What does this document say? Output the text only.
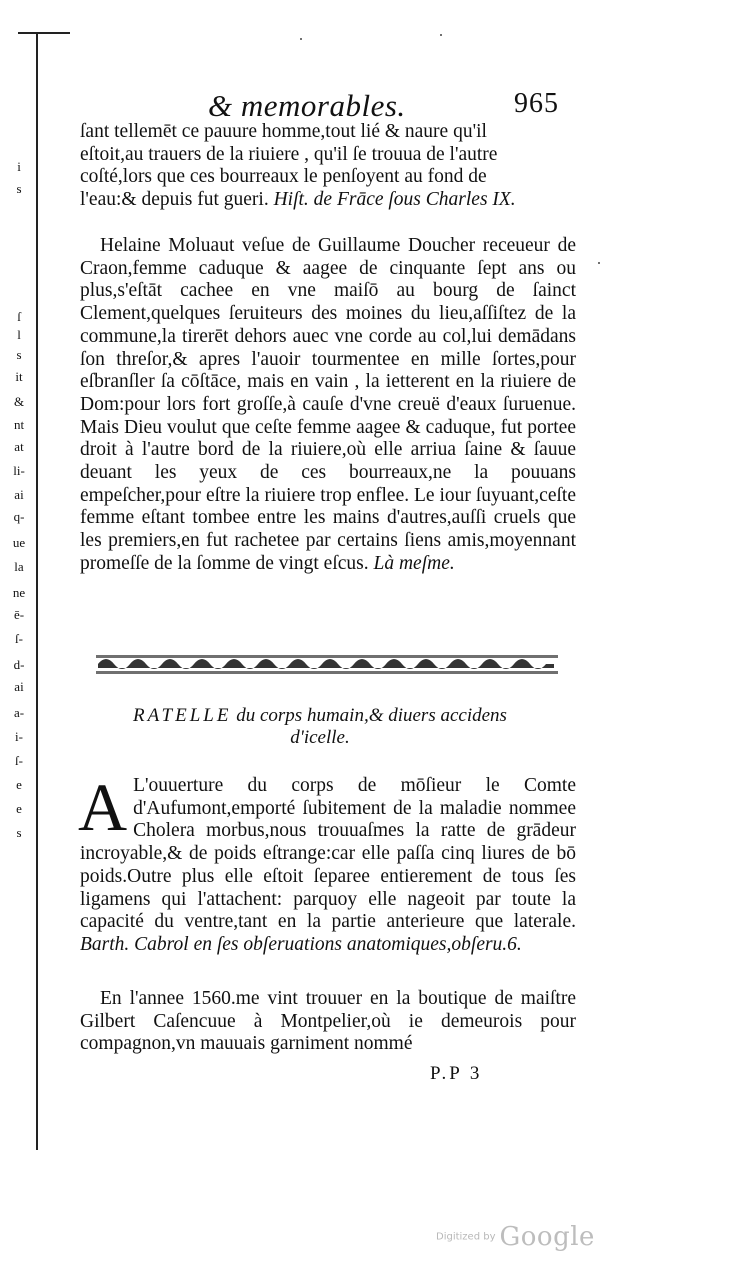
i
s
ſ
l
s
it
&
nt
at
li-
ai
q-
ue
la
ne
ē-
ſ-
d-
ai
a-
i-
ſ-
e
e
s
& memorables.	965

ſant tellemēt ce pauure homme,tout lié & naure qu'il

eſtoit,au trauers de la riuiere , qu'il ſe trouua de l'autre

coſté,lors que ces bourreaux le penſoyent au fond de

l'eau:& depuis fut gueri. Hiſt. de Frāce ſous Charles IX.

Helaine Moluaut veſue de Guillaume Doucher receueur de Craon,femme caduque & aagee de cinquante ſept ans ou plus,s'eſtāt cachee en vne maiſō au bourg de ſainct Clement,quelques ſeruiteurs des moines du lieu,aſſiſtez de la commune,la tirerēt dehors auec vne corde au col,lui demādans ſon threſor,& apres l'auoir tourmentee en mille ſortes,pour eſbranſler ſa cōſtāce, mais en vain , la ietterent en la riuiere de Dom:pour lors fort groſſe,à cauſe d'vne creuë d'eaux ſuruenue. Mais Dieu voulut que ceſte femme aagee & caduque, fut portee droit à l'autre bord de la riuiere,où elle arriua ſaine & ſauue deuant les yeux de ces bourreaux,ne la pouuans empeſcher,pour eſtre la riuiere trop enflee. Le iour ſuyuant,ceſte femme eſtant tombee entre les mains d'autres,auſſi cruels que les premiers,en fut rachetee par certains ſiens amis,moyennant promeſſe de la ſomme de vingt eſcus. Là meſme.

RATELLE du corps humain,& diuers accidens d'icelle.

A L'ouuerture du corps de mōſieur le Comte d'Aufumont,emporté ſubitement de la maladie nommee Cholera morbus,nous trouuaſmes la ratte de grādeur incroyable,& de poids eſtrange:car elle paſſa cinq liures de bō poids.Outre plus elle eſtoit ſeparee entierement de tous ſes ligamens qui l'attachent: parquoy elle nageoit par toute la capacité du ventre,tant en la partie anterieure que laterale. Barth. Cabrol en ſes obſeruations anatomiques,obſeru.6.

En l'annee 1560.me vint trouuer en la boutique de maiſtre Gilbert Caſencuue à Montpelier,où ie demeurois pour compagnon,vn mauuais garniment nommé

P.P 3
Digitized by Google
